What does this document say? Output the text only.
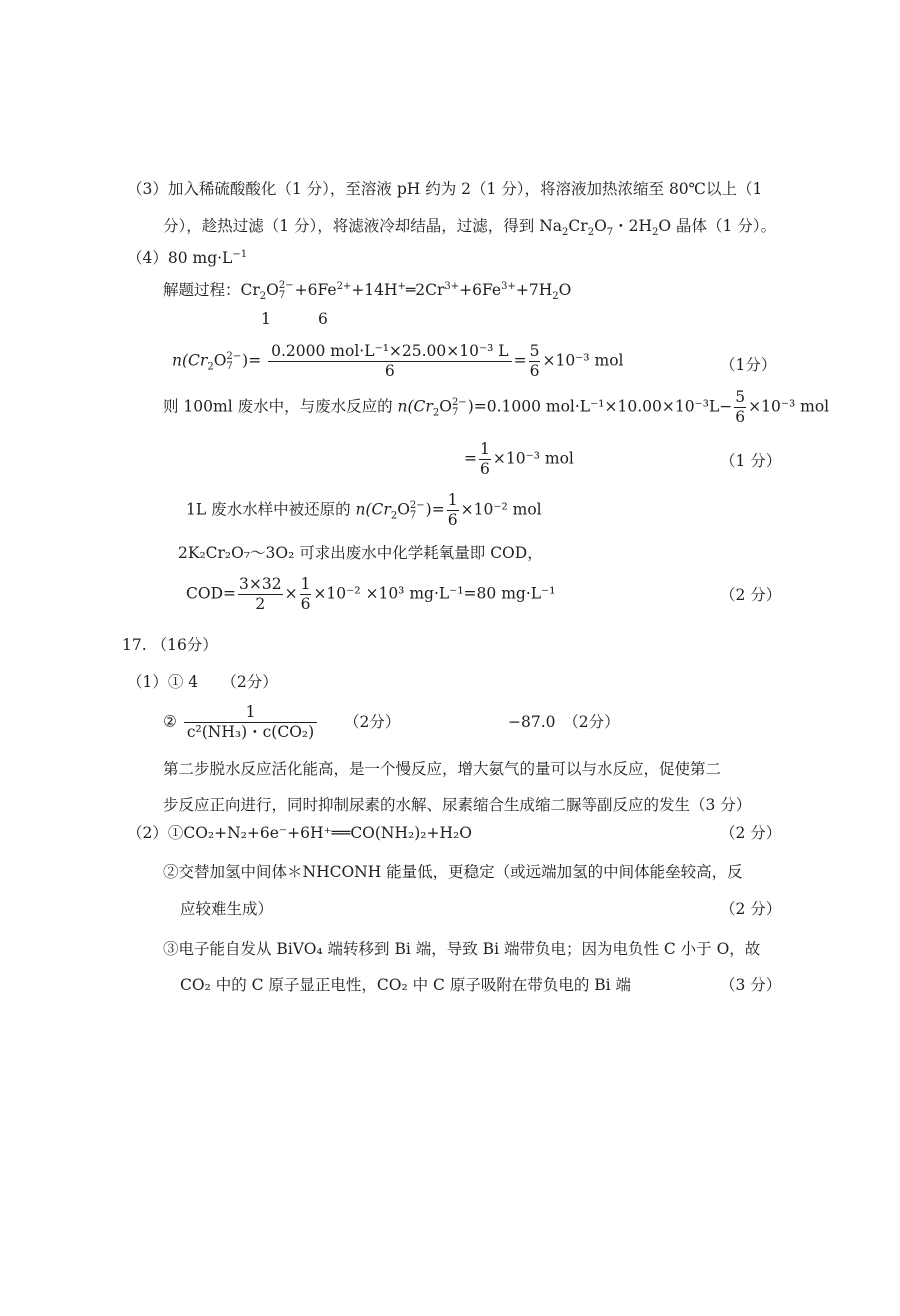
（3）加入稀硫酸酸化（1 分），至溶液 pH 约为 2（1 分），将溶液加热浓缩至 80℃以上（1
分），趁热过滤（1 分），将滤液冷却结晶，过滤，得到 $Na_2Cr_2O_7$・$2H_2O$ 晶体（1 分）。
（4）80 $mg\cdot L^{-1}$
解题过程：$Cr_2O$ 2−
$7 +6Fe^{2+}+14H^+═2Cr^{3+}+6Fe^{3+}+7H_2O$
1	6
$n(Cr_2O$ 2−
7 )= $\frac{\text{0.2000 mol·L⁻¹×25.00×10⁻³ L}}{6} = \frac{5}{6} \times 10^{-3}$ mol	（1分）
则 100ml 废水中，与废水反应的 $n(Cr_2O$ 2−
7 )=0.1000 $mol\cdot L^{-1}\times 10.00\times 10^{-3}L- \frac{5}{6} \times 10^{-3}$ mol
= $\frac{1}{6} \times 10^{-3}$ mol	（1 分）
1L 废水水样中被还原的 $n(Cr_2O$ 2−
7 )= $\frac{1}{6} \times 10^{-2}$ mol
2K₂Cr₂O₇～3O₂ 可求出废水中化学耗氧量即 COD，
$COD= \frac{3\times 32}{2} \times \frac{1}{6} \times 10^{-2} \times 10^3$ mg·L⁻¹=80 mg·L⁻¹	（2 分）
17. （16分）
（1）① 4　　（2分）
② $\frac{1}{\text{c²(NH₃)・c(CO₂)}} (2$分）	−87.0　（2分）
第二步脱水反应活化能高，是一个慢反应，增大氨气的量可以与水反应，促使第二
步反应正向进行，同时抑制尿素的水解、尿素缩合生成缩二脲等副反应的发生（3 分）
（2）①CO₂+N₂+6e⁻+6H⁺══CO(NH₂)₂+H₂O	（2 分）
②交替加氢中间体＊NHCONH 能量低，更稳定（或远端加氢的中间体能垒较高，反
应较难生成）	（2 分）
③电子能自发从 BiVO₄ 端转移到 Bi 端，导致 Bi 端带负电；因为电负性 C 小于 O，故
CO₂ 中的 C 原子显正电性，CO₂ 中 C 原子吸附在带负电的 Bi 端	（3 分）
